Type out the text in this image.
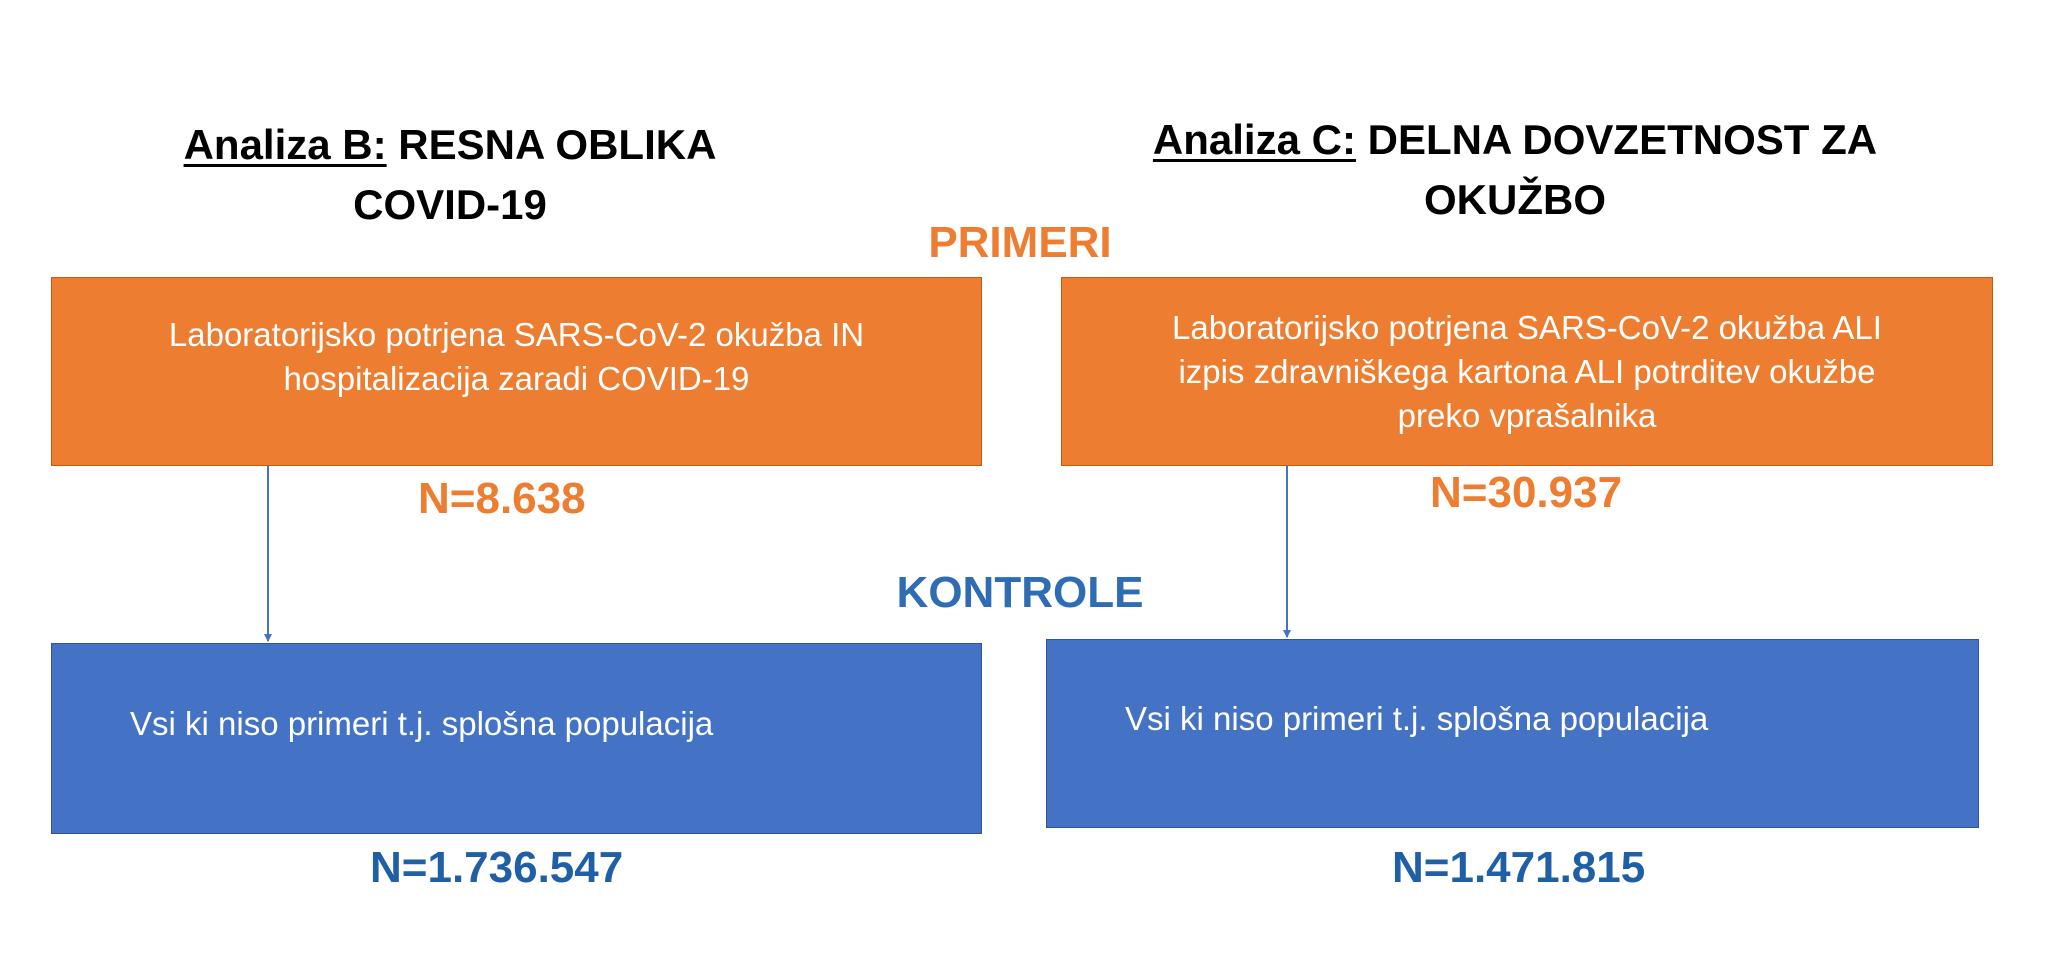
Analiza B: RESNA OBLIKA
COVID-19
Analiza C: DELNA DOVZETNOST ZA
OKUŽBO
PRIMERI
Laboratorijsko potrjena SARS-CoV-2 okužba IN
hospitalizacija zaradi COVID-19
Laboratorijsko potrjena SARS-CoV-2 okužba ALI
izpis zdravniškega kartona ALI potrditev okužbe
preko vprašalnika
N=8.638	N=30.937
KONTROLE
Vsi ki niso primeri t.j. splošna populacija	Vsi ki niso primeri t.j. splošna populacija
N=1.736.547	N=1.471.815
